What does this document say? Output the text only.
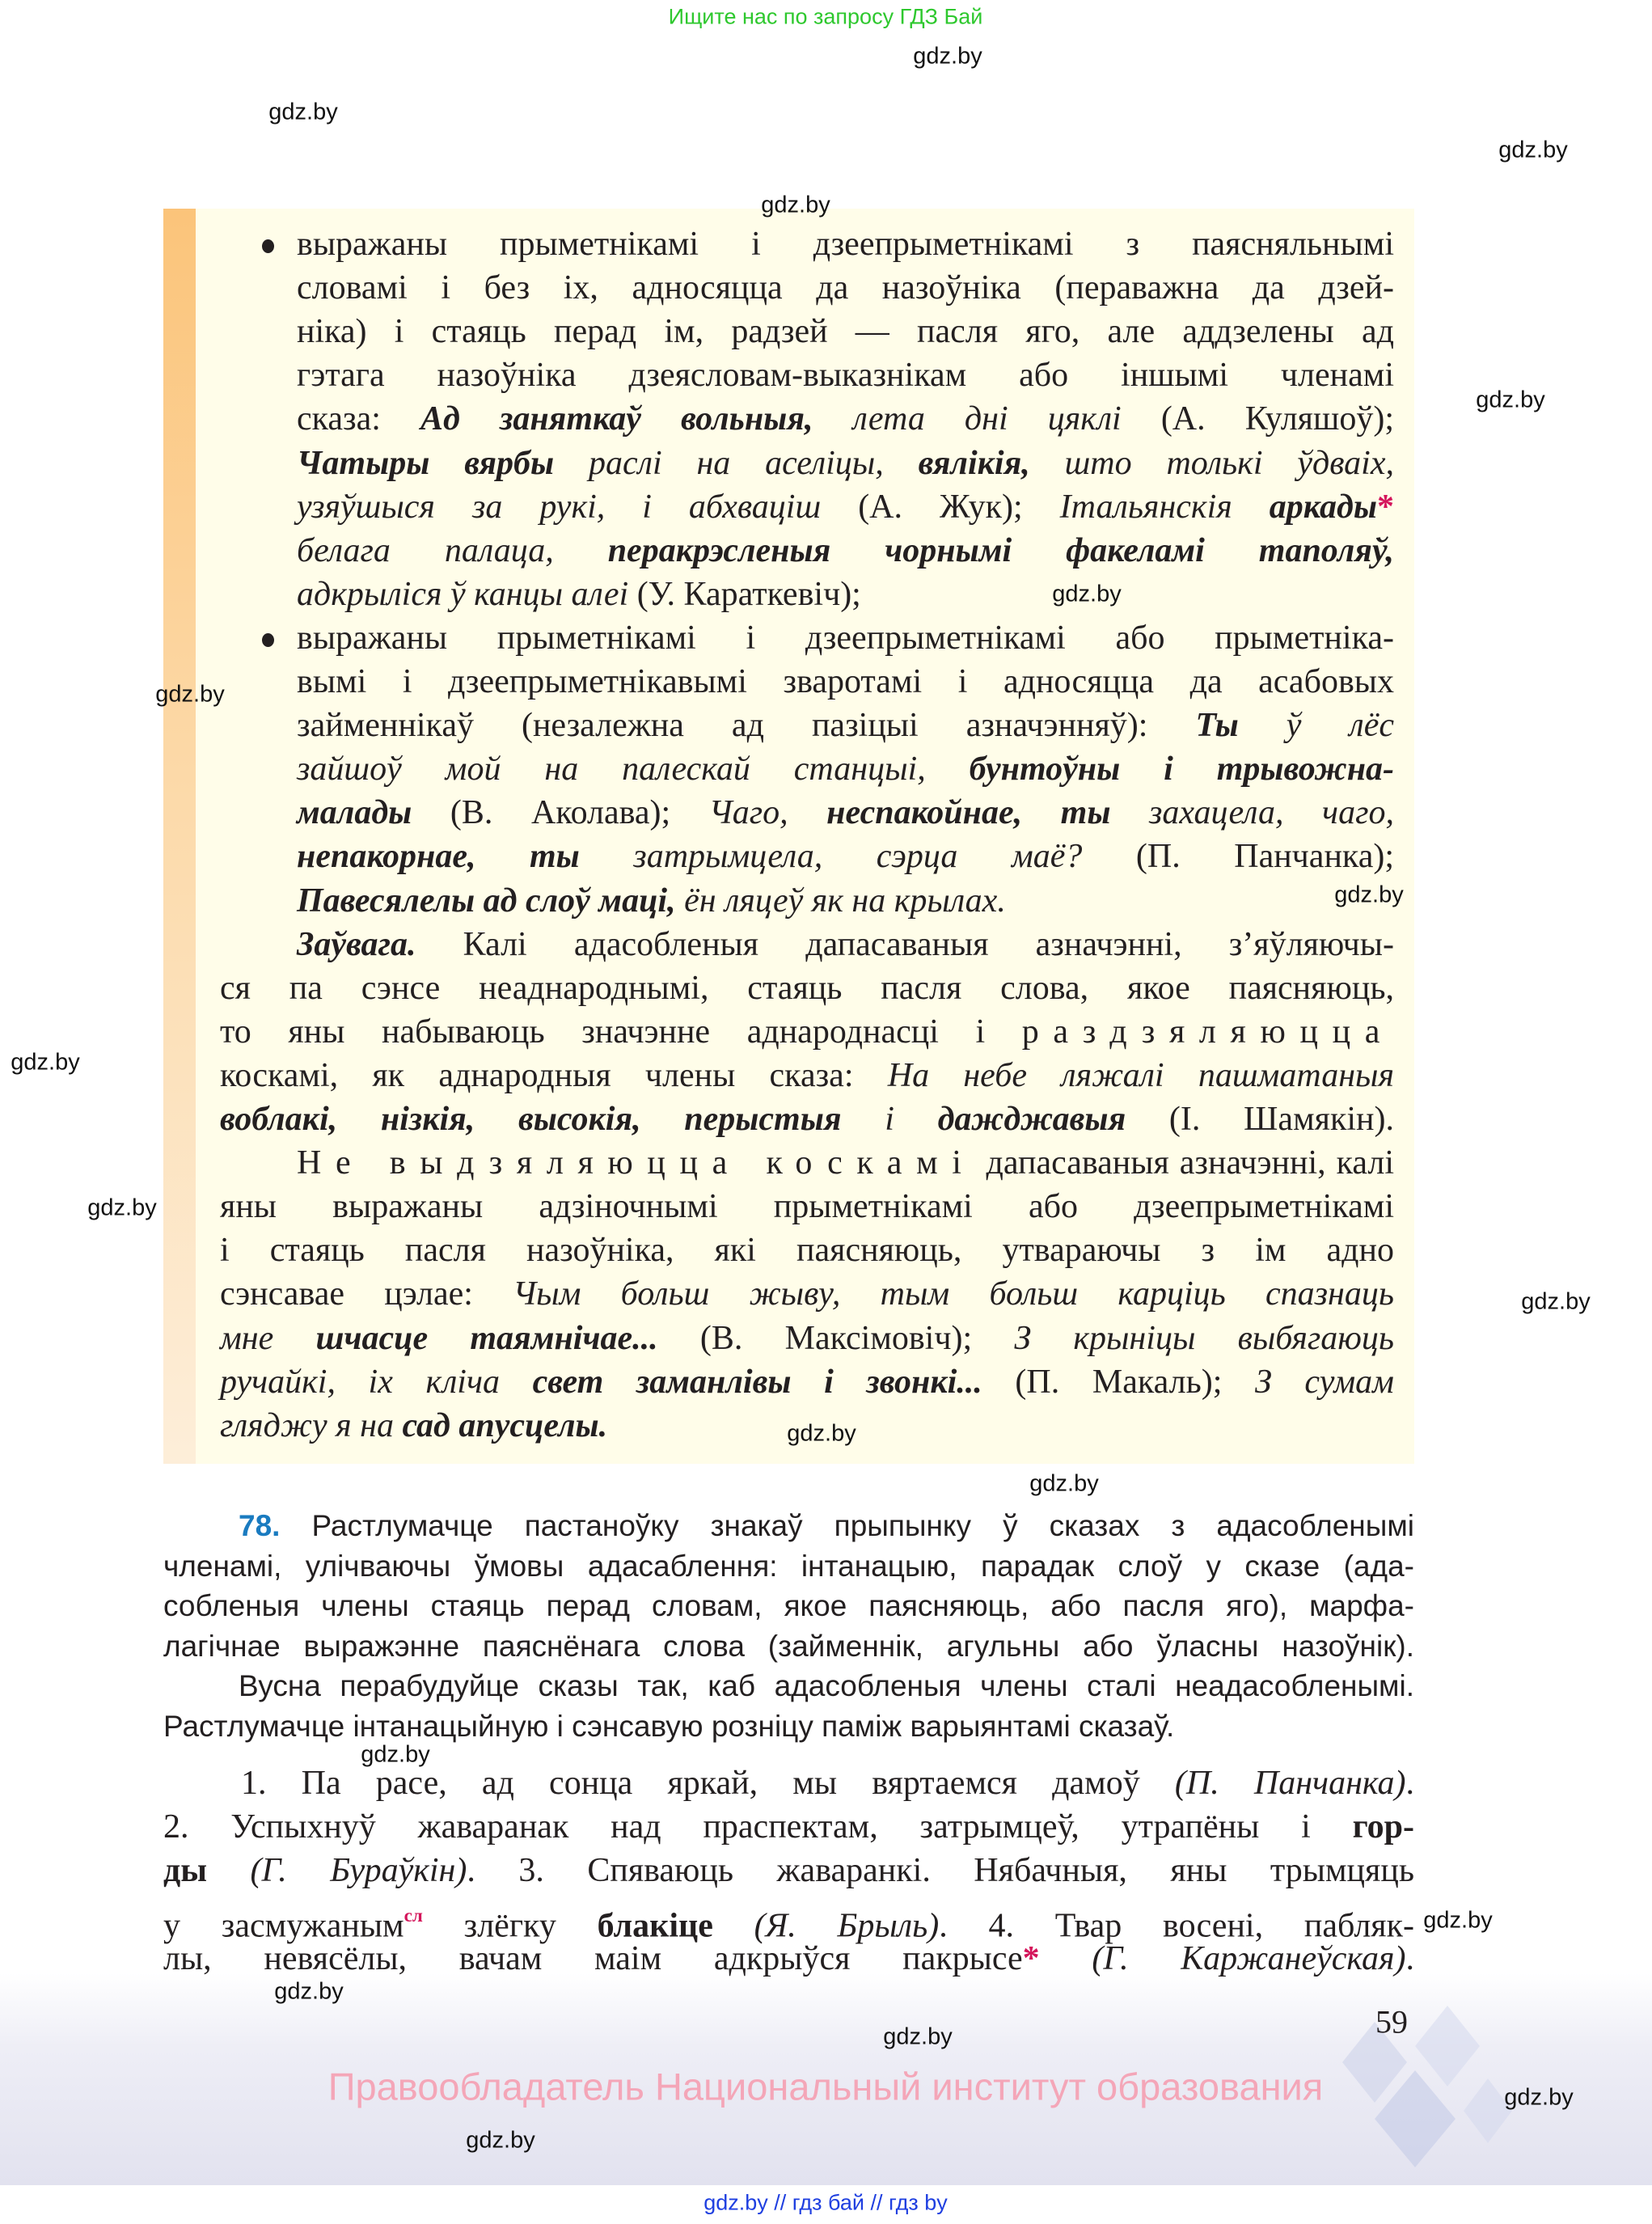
выражаны прыметнікамі і дзеепрыметнікамі з паясняльнымі
словамі і без іх, адносяцца да назоўніка (пераважна да дзей-
ніка) і стаяць перад ім, радзей — пасля яго, але аддзелены ад
гэтага назоўніка дзеясловам-выказнікам або іншымі членамі
сказа: Ад заняткаў вольныя, лета дні цяклі (А. Куляшоў);
Чатыры вярбы раслі на аселіцы, вялікія, што толькі ўдваіх,
узяўшыся за рукі, і абхваціш (А. Жук); Італьянскія аркады*
белага палаца, перакрэсленыя чорнымі факеламі таполяў,
адкрыліся ў канцы алеі (У. Караткевіч);
выражаны прыметнікамі і дзеепрыметнікамі або прыметніка-
вымі і дзеепрыметнікавымі зваротамі і адносяцца да асабовых
займеннікаў (незалежна ад пазіцыі азначэнняў): Ты ў лёс
зайшоў мой на палескай станцыі, бунтоўны і трывожна-
малады (В. Аколава); Чаго, неспакойнае, ты захацела, чаго,
непакорнае, ты затрымцела, сэрца маё? (П. Панчанка);
Павесялелы ад слоў маці, ён ляцеў як на крылах.
Заўвага. Калі адасобленыя дапасаваныя азначэнні, з’яўляючы-
ся па сэнсе неаднароднымі, стаяць пасля слова, якое паясняюць,
то яны набываюць значэнне аднароднасці і раздзяляюцца
коскамі, як аднародныя члены сказа: На небе ляжалі пашматаныя
воблакі, нізкія, высокія, перыстыя і дажджавыя (І. Шамякін).
Не выдзяляюцца коскамі дапасаваныя азначэнні, калі
яны выражаны адзіночнымі прыметнікамі або дзеепрыметнікамі
і стаяць пасля назоўніка, які паясняюць, утвараючы з ім адно
сэнсавае цэлае: Чым больш жыву, тым больш карціць спазнаць
мне шчасце таямнічае... (В. Максімовіч); З крыніцы выбягаюць
ручайкі, іх кліча свет заманлівы і звонкі... (П. Макаль); З сумам
гляджу я на сад апусцелы.
78. Растлумачце пастаноўку знакаў прыпынку ў сказах з адасобленымі
членамі, улічваючы ўмовы адасаблення: інтанацыю, парадак слоў у сказе (ада-
собленыя члены стаяць перад словам, якое паясняюць, або пасля яго), марфа-
лагічнае выражэнне паяснёнага слова (займеннік, агульны або ўласны назоўнік).
Вусна перабудуйце сказы так, каб адасобленыя члены сталі неадасобленымі.
Растлумачце інтанацыйную і сэнсавую розніцу паміж варыянтамі сказаў.
1. Па расе, ад сонца яркай, мы вяртаемся дамоў (П. Панчанка).
2. Успыхнуў жаваранак над праспектам, затрымцеў, утрапёны і гор-
ды (Г. Бураўкін). 3. Спяваюць жаваранкі. Нябачныя, яны трымцяць
у засмужаным$^{сл}$ злёгку блакіце (Я. Брыль). 4. Твар восені, пабляк-
лы, невясёлы, вачам маім адкрыўся пакрысе* (Г. Каржанеўская).
Ищите нас по запросу ГДЗ Бай
Правообладатель Национальный институт образования
59
gdz.by // гдз бай // гдз by
gdz.by
gdz.by
gdz.by
gdz.by
gdz.by
gdz.by
gdz.by
gdz.by
gdz.by
gdz.by
gdz.by
gdz.by
gdz.by
gdz.by
gdz.by
gdz.by
gdz.by
gdz.by
gdz.by
